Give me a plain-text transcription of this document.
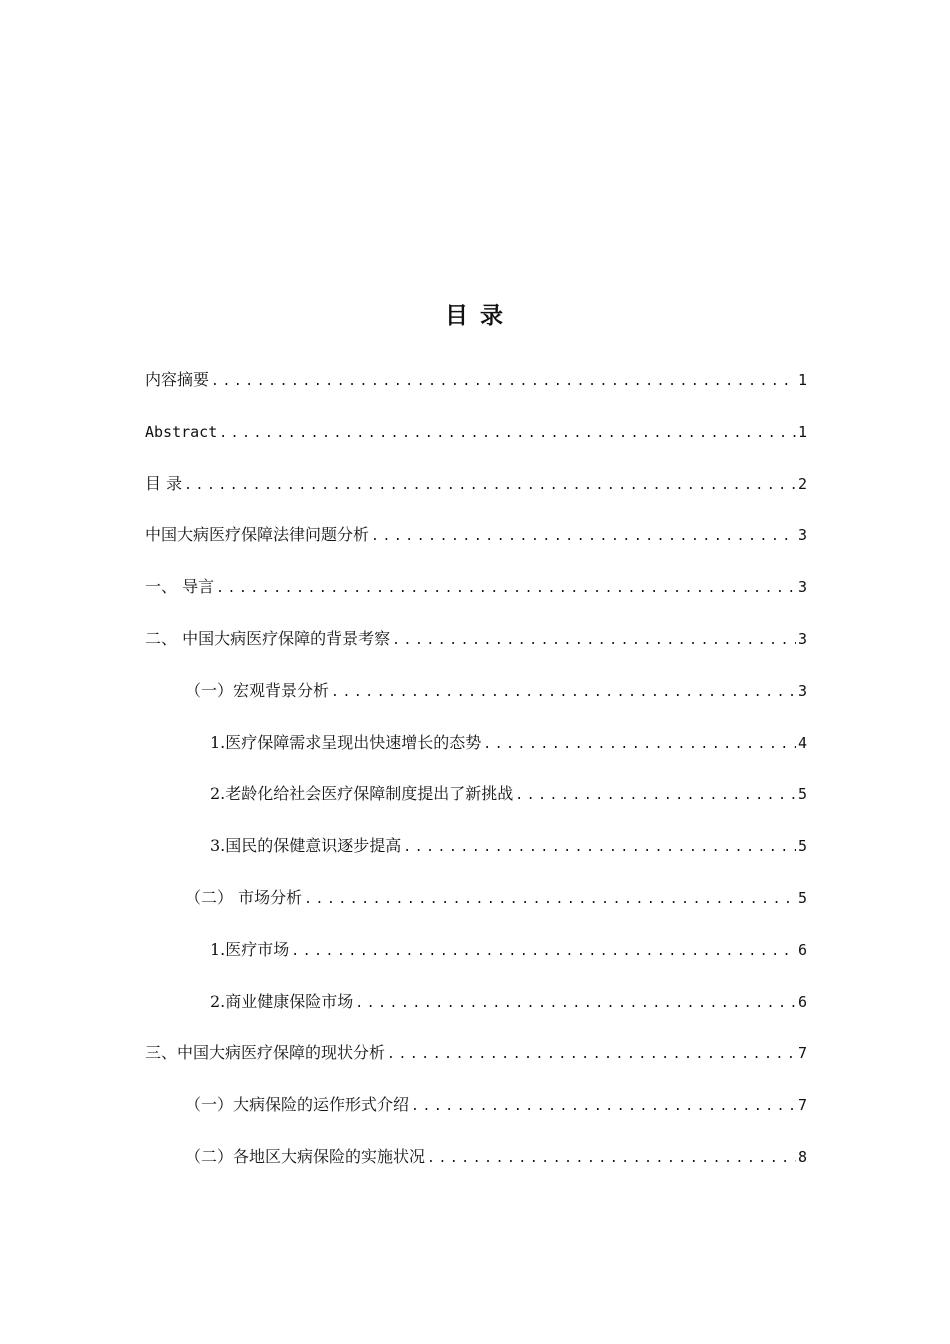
目 录
内容摘要 .....	1
Abstract .....	1
目 录 .....	2
中国大病医疗保障法律问题分析 .....	3
一、 导言 .....	3
二、 中国大病医疗保障的背景考察 .....	3
（一）宏观背景分析 .....	3
1.医疗保障需求呈现出快速增长的态势 .....	4
2.老龄化给社会医疗保障制度提出了新挑战 .....	5
3.国民的保健意识逐步提高 .....	5
（二） 市场分析 .....	5
1.医疗市场 .....	6
2.商业健康保险市场 .....	6
三、中国大病医疗保障的现状分析 .....	7
（一）大病保险的运作形式介绍 .....	7
（二）各地区大病保险的实施状况 .....	8
